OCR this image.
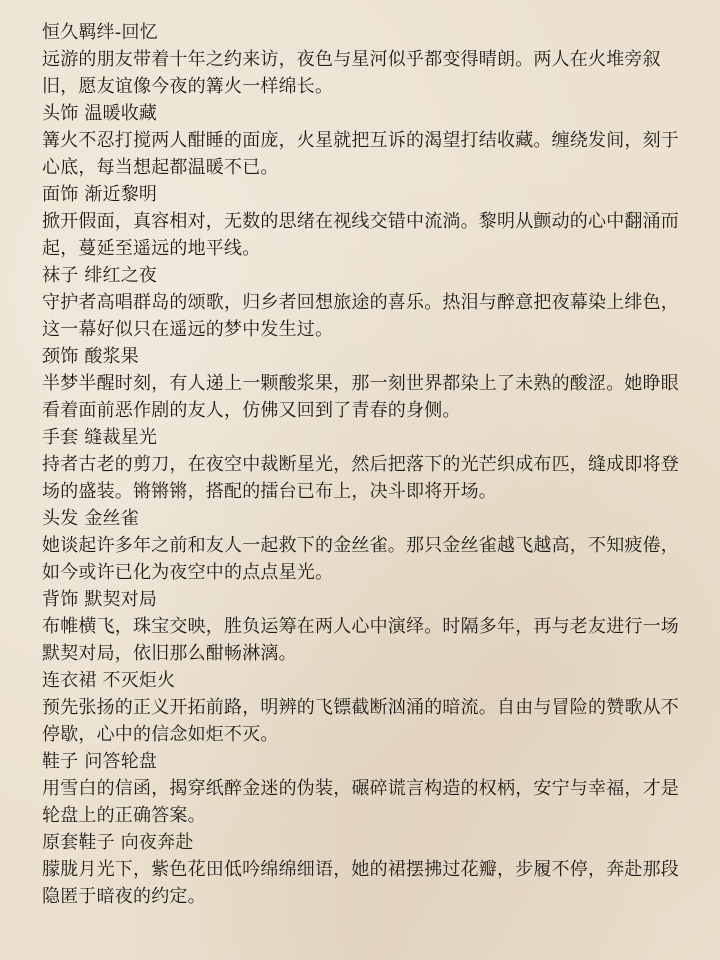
恒久羁绊-回忆
远游的朋友带着十年之约来访，夜色与星河似乎都变得晴朗。两人在火堆旁叙旧，愿友谊像今夜的篝火一样绵长。
头饰 温暖收藏
篝火不忍打搅两人酣睡的面庞，火星就把互诉的渴望打结收藏。缠绕发间，刻于心底，每当想起都温暖不已。
面饰 渐近黎明
掀开假面，真容相对，无数的思绪在视线交错中流淌。黎明从颤动的心中翻涌而起，蔓延至遥远的地平线。
袜子 绯红之夜
守护者高唱群岛的颂歌，归乡者回想旅途的喜乐。热泪与醉意把夜幕染上绯色，这一幕好似只在遥远的梦中发生过。
颈饰 酸浆果
半梦半醒时刻，有人递上一颗酸浆果，那一刻世界都染上了未熟的酸涩。她睁眼看着面前恶作剧的友人，仿佛又回到了青春的身侧。
手套 缝裁星光
持者古老的剪刀，在夜空中裁断星光，然后把落下的光芒织成布匹，缝成即将登场的盛装。锵锵锵，搭配的擂台已布上，决斗即将开场。
头发 金丝雀
她谈起许多年之前和友人一起救下的金丝雀。那只金丝雀越飞越高，不知疲倦，如今或许已化为夜空中的点点星光。
背饰 默契对局
布帷横飞，珠宝交映，胜负运筹在两人心中演绎。时隔多年，再与老友进行一场默契对局，依旧那么酣畅淋漓。
连衣裙 不灭炬火
预先张扬的正义开拓前路，明辨的飞镖截断汹涌的暗流。自由与冒险的赞歌从不停歇，心中的信念如炬不灭。
鞋子 问答轮盘
用雪白的信函，揭穿纸醉金迷的伪装，碾碎谎言构造的权柄，安宁与幸福，才是轮盘上的正确答案。
原套鞋子 向夜奔赴
朦胧月光下，紫色花田低吟绵绵细语，她的裙摆拂过花瓣，步履不停，奔赴那段隐匿于暗夜的约定。
